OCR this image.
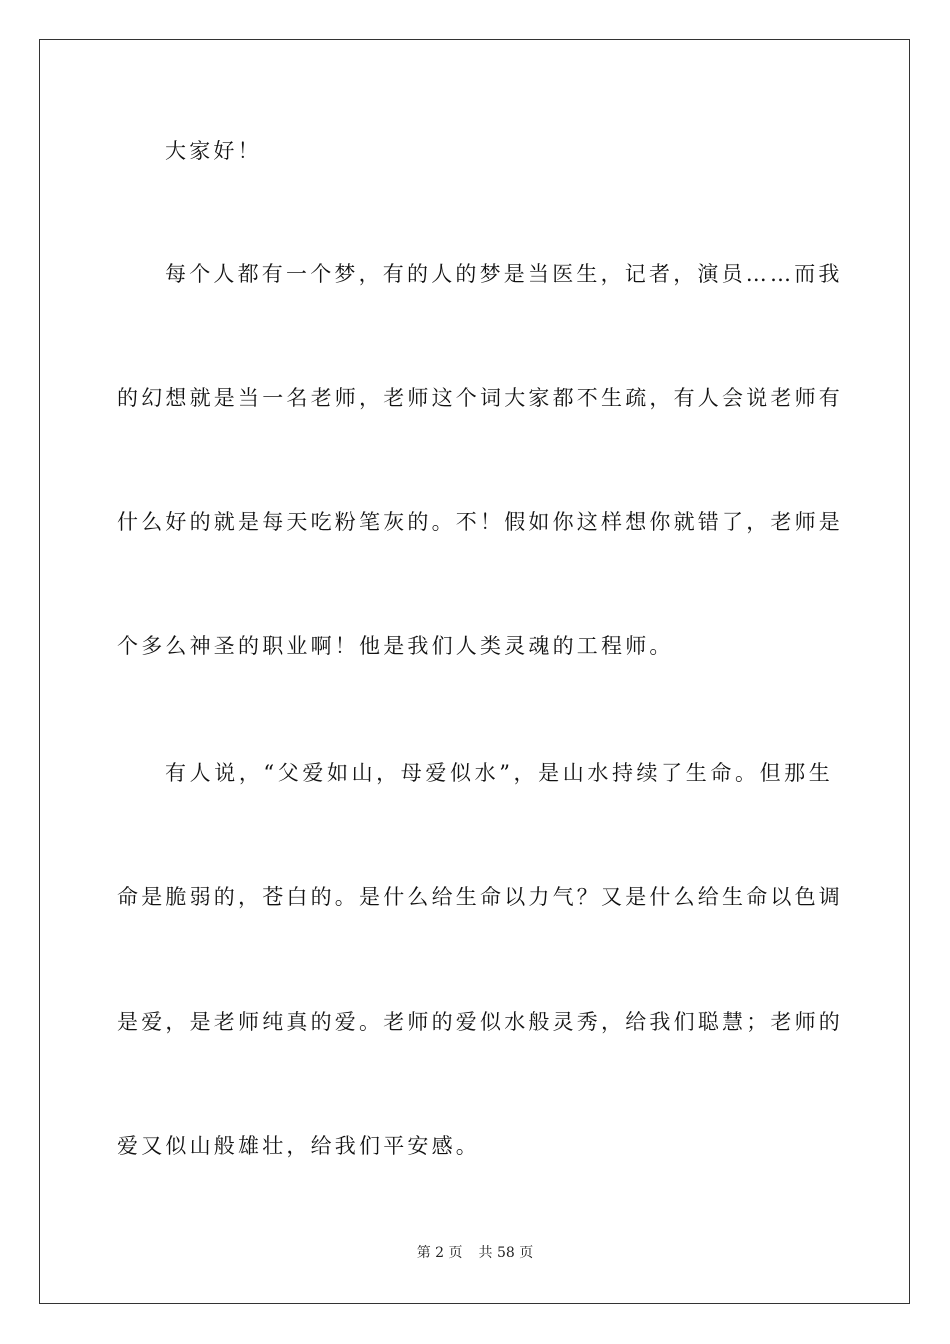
大家好！
每个人都有一个梦，有的人的梦是当医生，记者，演员……而我
的幻想就是当一名老师，老师这个词大家都不生疏，有人会说老师有
什么好的就是每天吃粉笔灰的。不！假如你这样想你就错了，老师是
个多么神圣的职业啊！他是我们人类灵魂的工程师。
有人说，“父爱如山，母爱似水”，是山水持续了生命。但那生
命是脆弱的，苍白的。是什么给生命以力气？又是什么给生命以色调
是爱，是老师纯真的爱。老师的爱似水般灵秀，给我们聪慧；老师的
爱又似山般雄壮，给我们平安感。
第 2 页 共 58 页
